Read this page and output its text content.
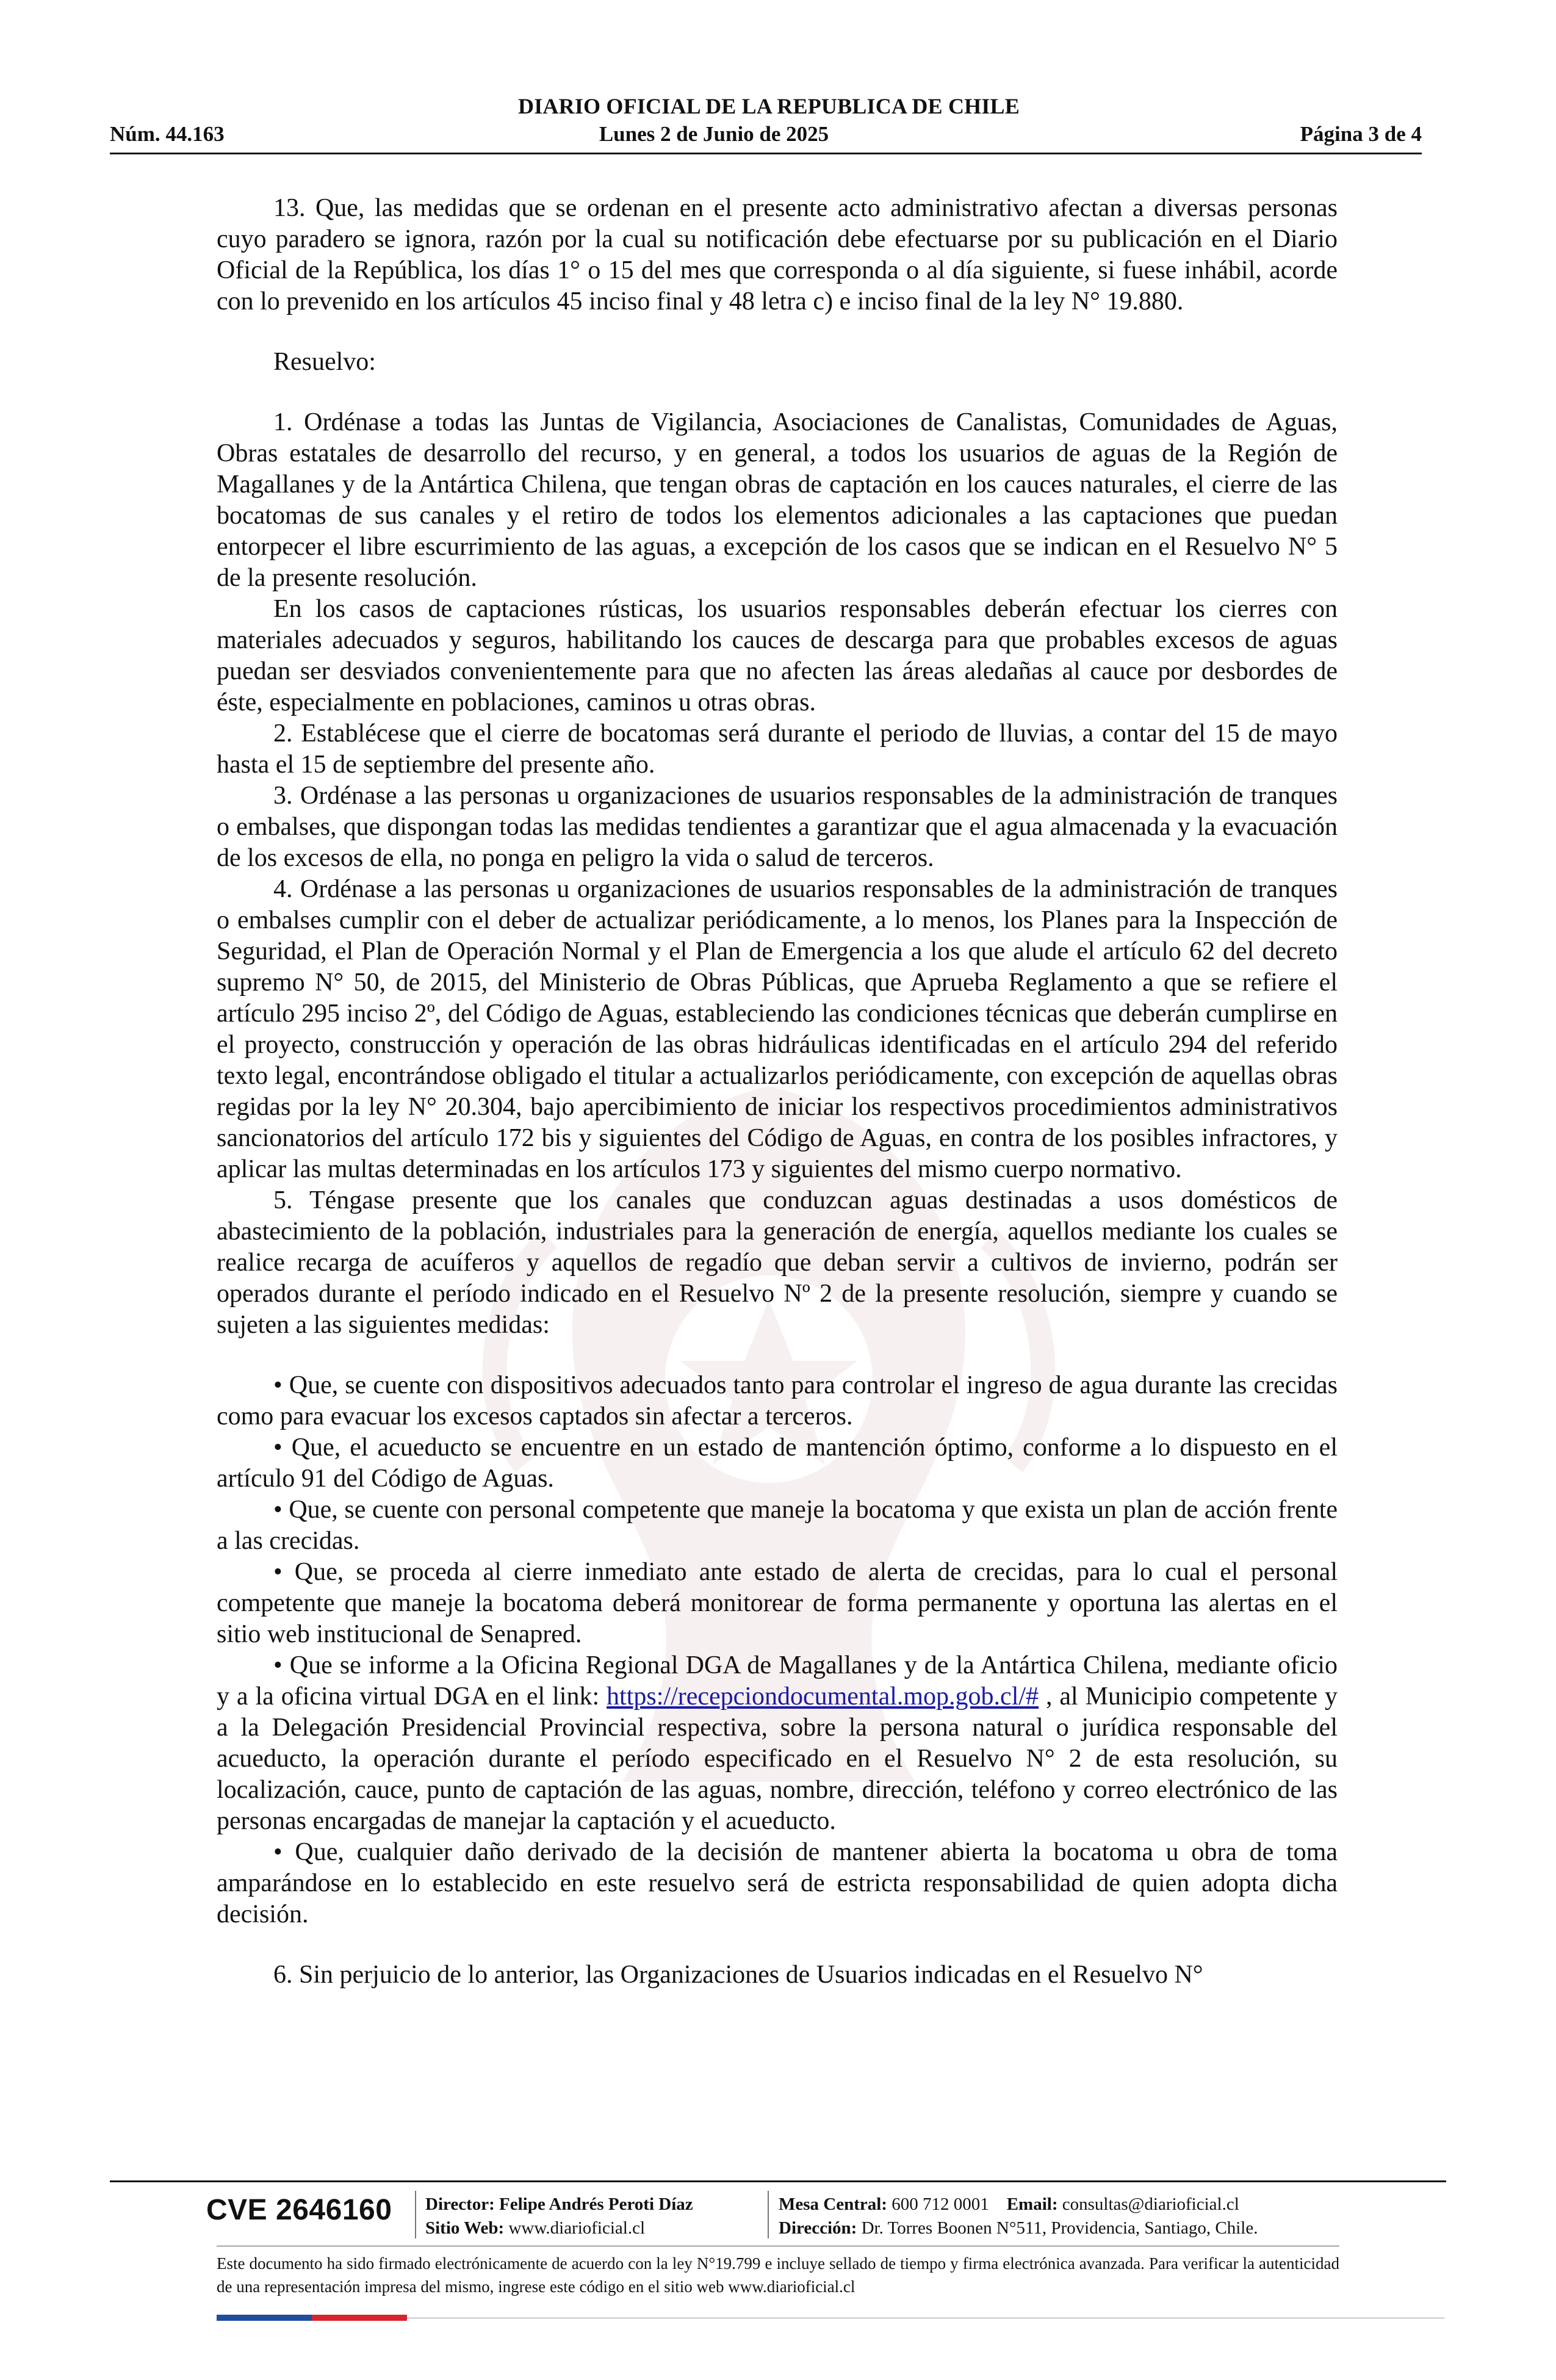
DIARIO OFICIAL DE LA REPUBLICA DE CHILE
Núm. 44.163	Lunes 2 de Junio de 2025	Página 3 de 4

13. Que, las medidas que se ordenan en el presente acto administrativo afectan a diversas personas cuyo paradero se ignora, razón por la cual su notificación debe efectuarse por su publicación en el Diario Oficial de la República, los días 1° o 15 del mes que corresponda o al día siguiente, si fuese inhábil, acorde con lo prevenido en los artículos 45 inciso final y 48 letra c) e inciso final de la ley N° 19.880.

Resuelvo:

1. Ordénase a todas las Juntas de Vigilancia, Asociaciones de Canalistas, Comunidades de Aguas, Obras estatales de desarrollo del recurso, y en general, a todos los usuarios de aguas de la Región de Magallanes y de la Antártica Chilena, que tengan obras de captación en los cauces naturales, el cierre de las bocatomas de sus canales y el retiro de todos los elementos adicionales a las captaciones que puedan entorpecer el libre escurrimiento de las aguas, a excepción de los casos que se indican en el Resuelvo N° 5 de la presente resolución.

En los casos de captaciones rústicas, los usuarios responsables deberán efectuar los cierres con materiales adecuados y seguros, habilitando los cauces de descarga para que probables excesos de aguas puedan ser desviados convenientemente para que no afecten las áreas aledañas al cauce por desbordes de éste, especialmente en poblaciones, caminos u otras obras.

2. Establécese que el cierre de bocatomas será durante el periodo de lluvias, a contar del 15 de mayo hasta el 15 de septiembre del presente año.

3. Ordénase a las personas u organizaciones de usuarios responsables de la administración de tranques o embalses, que dispongan todas las medidas tendientes a garantizar que el agua almacenada y la evacuación de los excesos de ella, no ponga en peligro la vida o salud de terceros.

4. Ordénase a las personas u organizaciones de usuarios responsables de la administración de tranques o embalses cumplir con el deber de actualizar periódicamente, a lo menos, los Planes para la Inspección de Seguridad, el Plan de Operación Normal y el Plan de Emergencia a los que alude el artículo 62 del decreto supremo N° 50, de 2015, del Ministerio de Obras Públicas, que Aprueba Reglamento a que se refiere el artículo 295 inciso 2º, del Código de Aguas, estableciendo las condiciones técnicas que deberán cumplirse en el proyecto, construcción y operación de las obras hidráulicas identificadas en el artículo 294 del referido texto legal, encontrándose obligado el titular a actualizarlos periódicamente, con excepción de aquellas obras regidas por la ley N° 20.304, bajo apercibimiento de iniciar los respectivos procedimientos administrativos sancionatorios del artículo 172 bis y siguientes del Código de Aguas, en contra de los posibles infractores, y aplicar las multas determinadas en los artículos 173 y siguientes del mismo cuerpo normativo.

5. Téngase presente que los canales que conduzcan aguas destinadas a usos domésticos de abastecimiento de la población, industriales para la generación de energía, aquellos mediante los cuales se realice recarga de acuíferos y aquellos de regadío que deban servir a cultivos de invierno, podrán ser operados durante el período indicado en el Resuelvo Nº 2 de la presente resolución, siempre y cuando se sujeten a las siguientes medidas:

• Que, se cuente con dispositivos adecuados tanto para controlar el ingreso de agua durante las crecidas como para evacuar los excesos captados sin afectar a terceros.

• Que, el acueducto se encuentre en un estado de mantención óptimo, conforme a lo dispuesto en el artículo 91 del Código de Aguas.

• Que, se cuente con personal competente que maneje la bocatoma y que exista un plan de acción frente a las crecidas.

• Que, se proceda al cierre inmediato ante estado de alerta de crecidas, para lo cual el personal competente que maneje la bocatoma deberá monitorear de forma permanente y oportuna las alertas en el sitio web institucional de Senapred.

• Que se informe a la Oficina Regional DGA de Magallanes y de la Antártica Chilena, mediante oficio y a la oficina virtual DGA en el link: https://recepciondocumental.mop.gob.cl/# , al Municipio competente y a la Delegación Presidencial Provincial respectiva, sobre la persona natural o jurídica responsable del acueducto, la operación durante el período especificado en el Resuelvo N° 2 de esta resolución, su localización, cauce, punto de captación de las aguas, nombre, dirección, teléfono y correo electrónico de las personas encargadas de manejar la captación y el acueducto.

• Que, cualquier daño derivado de la decisión de mantener abierta la bocatoma u obra de toma amparándose en lo establecido en este resuelvo será de estricta responsabilidad de quien adopta dicha decisión.

6. Sin perjuicio de lo anterior, las Organizaciones de Usuarios indicadas en el Resuelvo N°

CVE 2646160 Director: Felipe Andrés Peroti Díaz
Sitio Web: www.diarioficial.cl
Mesa Central: 600 712 0001 Email: consultas@diarioficial.cl
Dirección: Dr. Torres Boonen N°511, Providencia, Santiago, Chile.
Este documento ha sido firmado electrónicamente de acuerdo con la ley N°19.799 e incluye sellado de tiempo y firma electrónica avanzada. Para verificar la autenticidad de una representación impresa del mismo, ingrese este código en el sitio web www.diarioficial.cl
